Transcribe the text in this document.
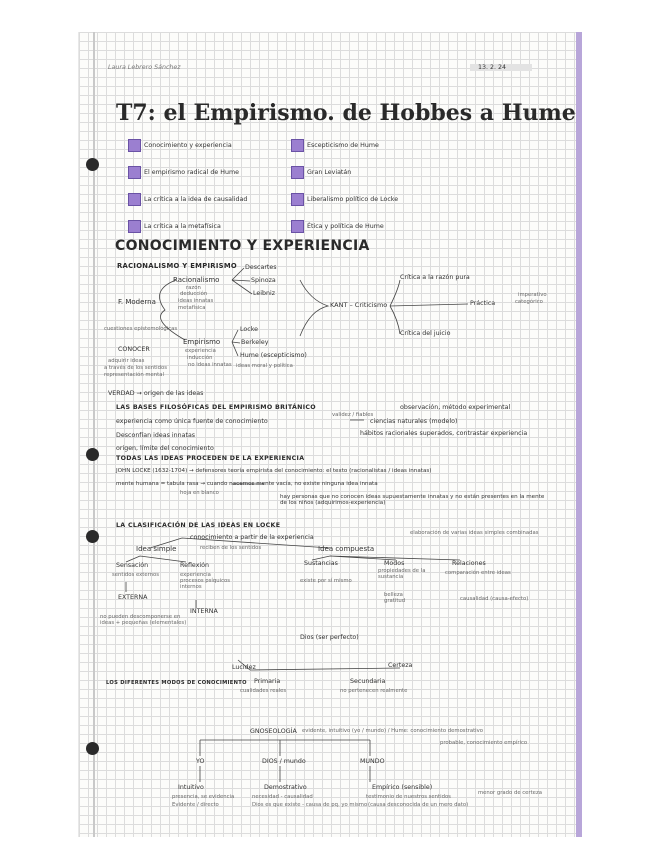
Laura Lebrero Sánchez	13. 2. 24
T7: el Empirismo. de Hobbes a Hume
Conocimiento y experiencia
El empirismo radical de Hume
La crítica a la idea de causalidad
La crítica a la metafísica
Escepticismo de Hume
Gran Leviatán
Liberalismo político de Locke
Ética y política de Hume
CONOCIMIENTO Y EXPERIENCIA
RACIONALISMO Y EMPIRISMO
Racionalismo
Descartes
Spinoza
Leibniz
razón
deducción
ideas innatas
metafísica
F. Moderna
cuestiones epistemológicas
Empirismo
Locke
Berkeley
Hume (escepticismo)
experiencia
inducción
no ideas innatas ideas moral y política
CONOCER
adquirir ideas
a través de los sentidos
representación mental
KANT – Criticismo
Crítica a la razón pura
Práctica
Crítica del juicio
imperativo
categórico
VERDAD → origen de las ideas
LAS BASES FILOSÓFICAS DEL EMPIRISMO BRITÁNICO
experiencia como única fuente de conocimiento
validez / fiables
ciencias naturales (modelo)
observación, método experimental
Desconfían ideas innatas	hábitos racionales superados, contrastar experiencia
origen, límite del conocimiento
TODAS LAS IDEAS PROCEDEN DE LA EXPERIENCIA
JOHN LOCKE (1632-1704) → defensores teoría empirista del conocimiento: el texto (racionalistas / ideas innatas)
mente humana = tabula rasa → cuando nacemos mente vacía, no existe ninguna idea innata
hoja en blanco
hay personas que no conocen ideas supuestamente innatas y no están presentes en la mente de los niños (adquirimos-experiencia)
LA CLASIFICACIÓN DE LAS IDEAS EN LOCKE
conocimiento a partir de la experiencia
elaboración de varias ideas simples combinadas
Idea simple	reciben de los sentidos	Idea compuesta
Sensación
sentidos externos
EXTERNA
Reflexión
experiencia procesos psíquicos internos
INTERNA
no pueden descomponerse en ideas + pequeñas (elementales)
Sustancias
existe por sí mismo
Modos
propiedades de la sustancia
Relaciones
comparación entre ideas
belleza gratitud	causalidad (causa-efecto)
Dios (ser perfecto)
Lucidez	Certeza
LOS DIFERENTES MODOS DE CONOCIMIENTO Primaria
cualidades reales
Secundaria
no pertenecen realmente
GNOSEOLOGÍA evidente, intuitivo (yo / mundo) / Hume: conocimiento demostrativo
probable, conocimiento empírico
YO	DIOS / mundo	MUNDO
Intuitivo
presencia, se evidencia
Evidente / directo
Demostrativo
necesidad - causalidad
Dios es que existe - causa de pq. yo mismo
Empírico (sensible)
testimonio de nuestros sentidos
(causa desconocida de un mero dato)
menor grado de certeza
